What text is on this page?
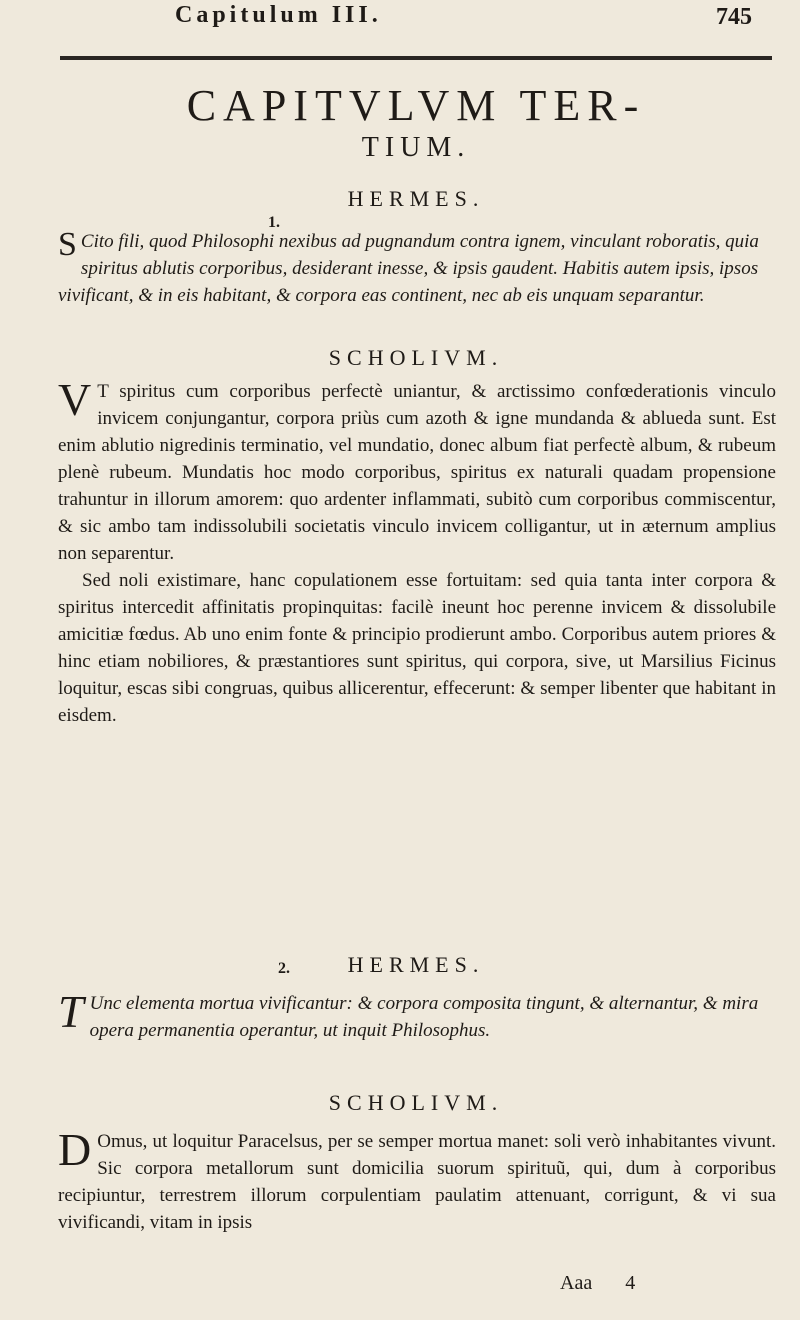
Capitulum III.	745
CAPITVLVM TER-
TIUM.
HERMES.
1.
S Cito fili, quod Philosophi nexibus ad pugnandum contra ignem, vinculant roboratis, quia spiritus ablutis corporibus, desiderant inesse, & ipsis gaudent. Habitis autem ipsis, ipsos vivificant, & in eis habitant, & corpora eas continent, nec ab eis unquam separantur.
SCHOLIVM.

V T spiritus cum corporibus perfectè uniantur, & arctissimo confœderationis vinculo invicem conjungantur, corpora priùs cum azoth & igne mundanda & ablueda sunt. Est enim ablutio nigredinis terminatio, vel mundatio, donec album fiat perfectè album, & rubeum plenè rubeum. Mundatis hoc modo corporibus, spiritus ex naturali quadam propensione trahuntur in illorum amorem: quo ardenter inflammati, subitò cum corporibus commiscentur, & sic ambo tam indissolubili societatis vinculo invicem colligantur, ut in æternum amplius non separentur.

Sed noli existimare, hanc copulationem esse fortuitam: sed quia tanta inter corpora & spiritus intercedit affinitatis propinquitas: facilè ineunt hoc perenne invicem & dissolubile amicitiæ fœdus. Ab uno enim fonte & principio prodierunt ambo. Corporibus autem priores & hinc etiam nobiliores, & præstantiores sunt spiritus, qui corpora, sive, ut Marsilius Ficinus loquitur, escas sibi congruas, quibus allicerentur, effecerunt: & semper libenter que habitant in eisdem.

2.	HERMES.
T Unc elementa mortua vivificantur: & corpora composita tingunt, & alternantur, & mira opera permanentia operantur, ut inquit Philosophus.
SCHOLIVM.

D Omus, ut loquitur Paracelsus, per se semper mortua manet: soli verò inhabitantes vivunt. Sic corpora metallorum sunt domicilia suorum spirituũ, qui, dum à corporibus recipiuntur, terrestrem illorum corpulentiam paulatim attenuant, corrigunt, & vi sua vivificandi, vitam in ipsis

Aaa 4
